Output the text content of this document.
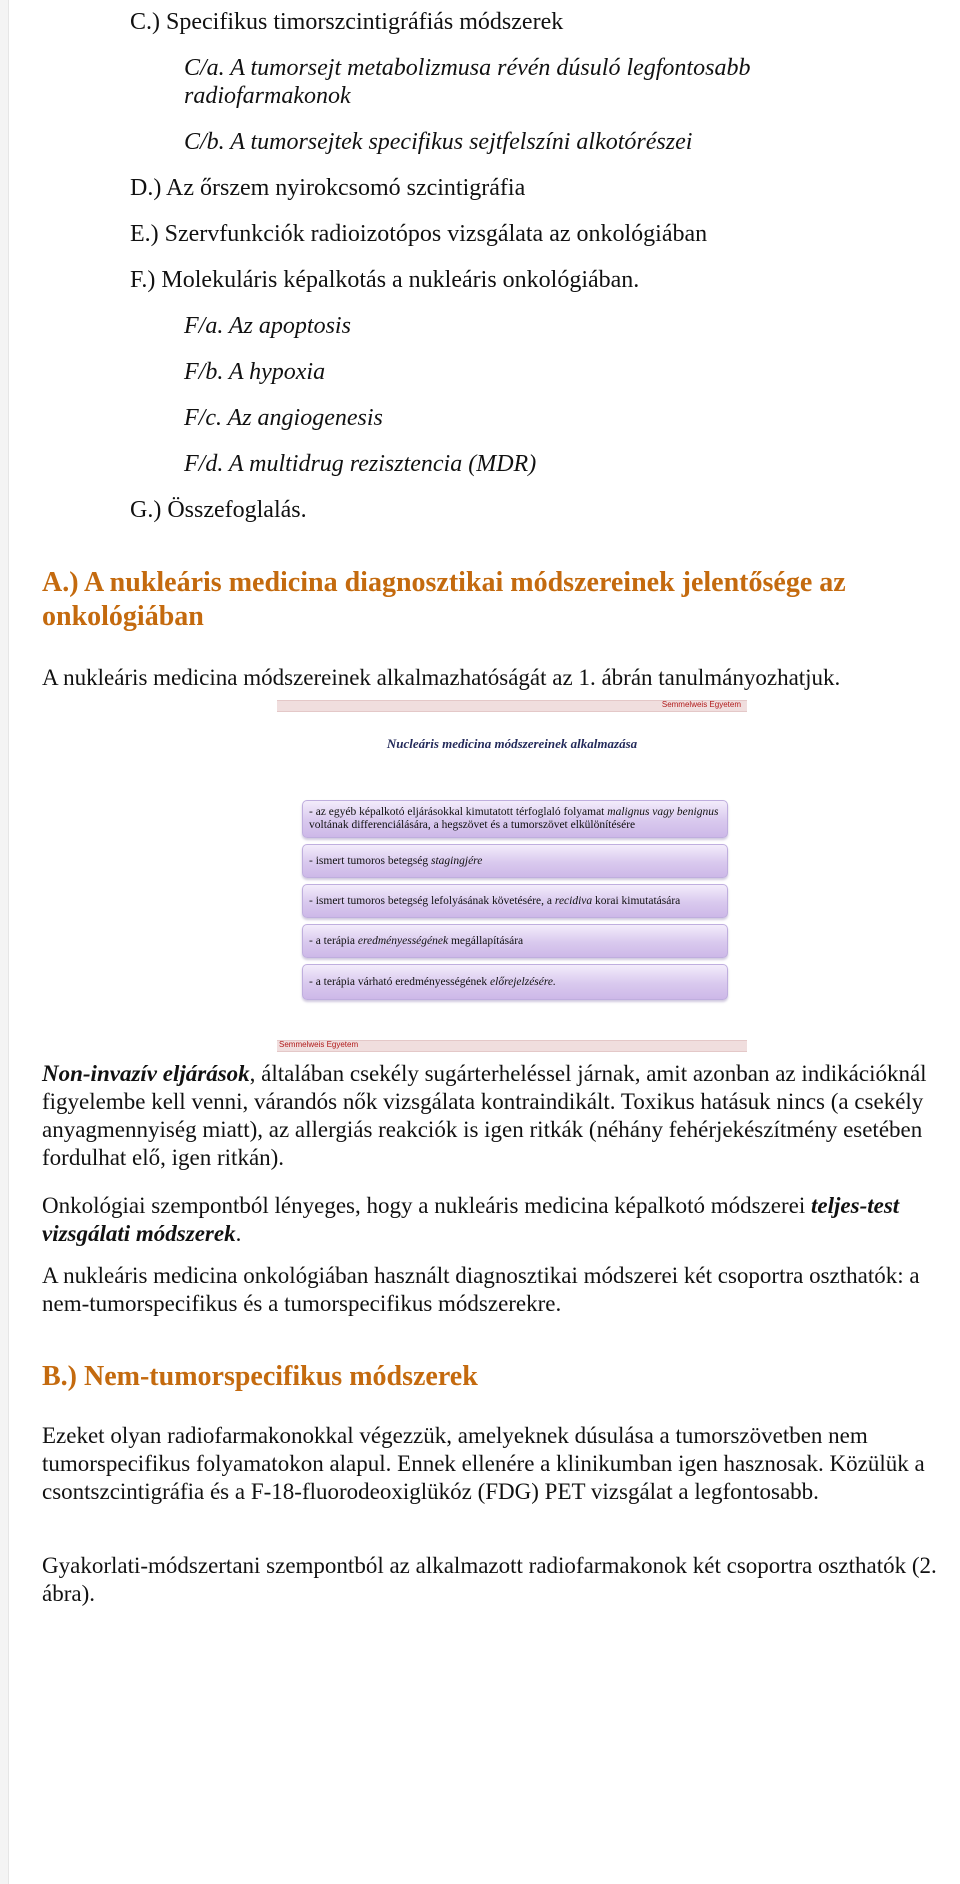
C.) Specifikus timorszcintigráfiás módszerek
C/a. A tumorsejt metabolizmusa révén dúsuló legfontosabb radiofarmakonok
C/b. A tumorsejtek specifikus sejtfelszíni alkotórészei
D.) Az őrszem nyirokcsomó szcintigráfia
E.) Szervfunkciók radioizotópos vizsgálata az onkológiában
F.) Molekuláris képalkotás a nukleáris onkológiában.
F/a. Az apoptosis
F/b. A hypoxia
F/c. Az angiogenesis
F/d. A multidrug rezisztencia (MDR)
G.) Összefoglalás.
A.) A nukleáris medicina diagnosztikai módszereinek jelentősége az onkológiában
A nukleáris medicina módszereinek alkalmazhatóságát az 1. ábrán tanulmányozhatjuk.
Semmelweis Egyetem
Nucleáris medicina módszereinek alkalmazása
- az egyéb képalkotó eljárásokkal kimutatott térfoglaló folyamat malignus vagy benignus voltának differenciálására, a hegszövet és a tumorszövet elkülönítésére
- ismert tumoros betegség stagingjére
- ismert tumoros betegség lefolyásának követésére, a recidiva korai kimutatására
- a terápia eredményességének megállapítására
- a terápia várható eredményességének előrejelzésére.
Semmelweis Egyetem
Non-invazív eljárások, általában csekély sugárterheléssel járnak, amit azonban az indikációknál figyelembe kell venni, várandós nők vizsgálata kontraindikált. Toxikus hatásuk nincs (a csekély anyagmennyiség miatt), az allergiás reakciók is igen ritkák (néhány fehérjekészítmény esetében fordulhat elő, igen ritkán).
Onkológiai szempontból lényeges, hogy a nukleáris medicina képalkotó módszerei teljes-test vizsgálati módszerek.
A nukleáris medicina onkológiában használt diagnosztikai módszerei két csoportra oszthatók: a nem-tumorspecifikus és a tumorspecifikus módszerekre.
B.) Nem-tumorspecifikus módszerek
Ezeket olyan radiofarmakonokkal végezzük, amelyeknek dúsulása a tumorszövetben nem tumorspecifikus folyamatokon alapul. Ennek ellenére a klinikumban igen hasznosak. Közülük a csontszcintigráfia és a F-18-fluorodeoxiglükóz (FDG) PET vizsgálat a legfontosabb.
Gyakorlati-módszertani szempontból az alkalmazott radiofarmakonok két csoportra oszthatók (2. ábra).
